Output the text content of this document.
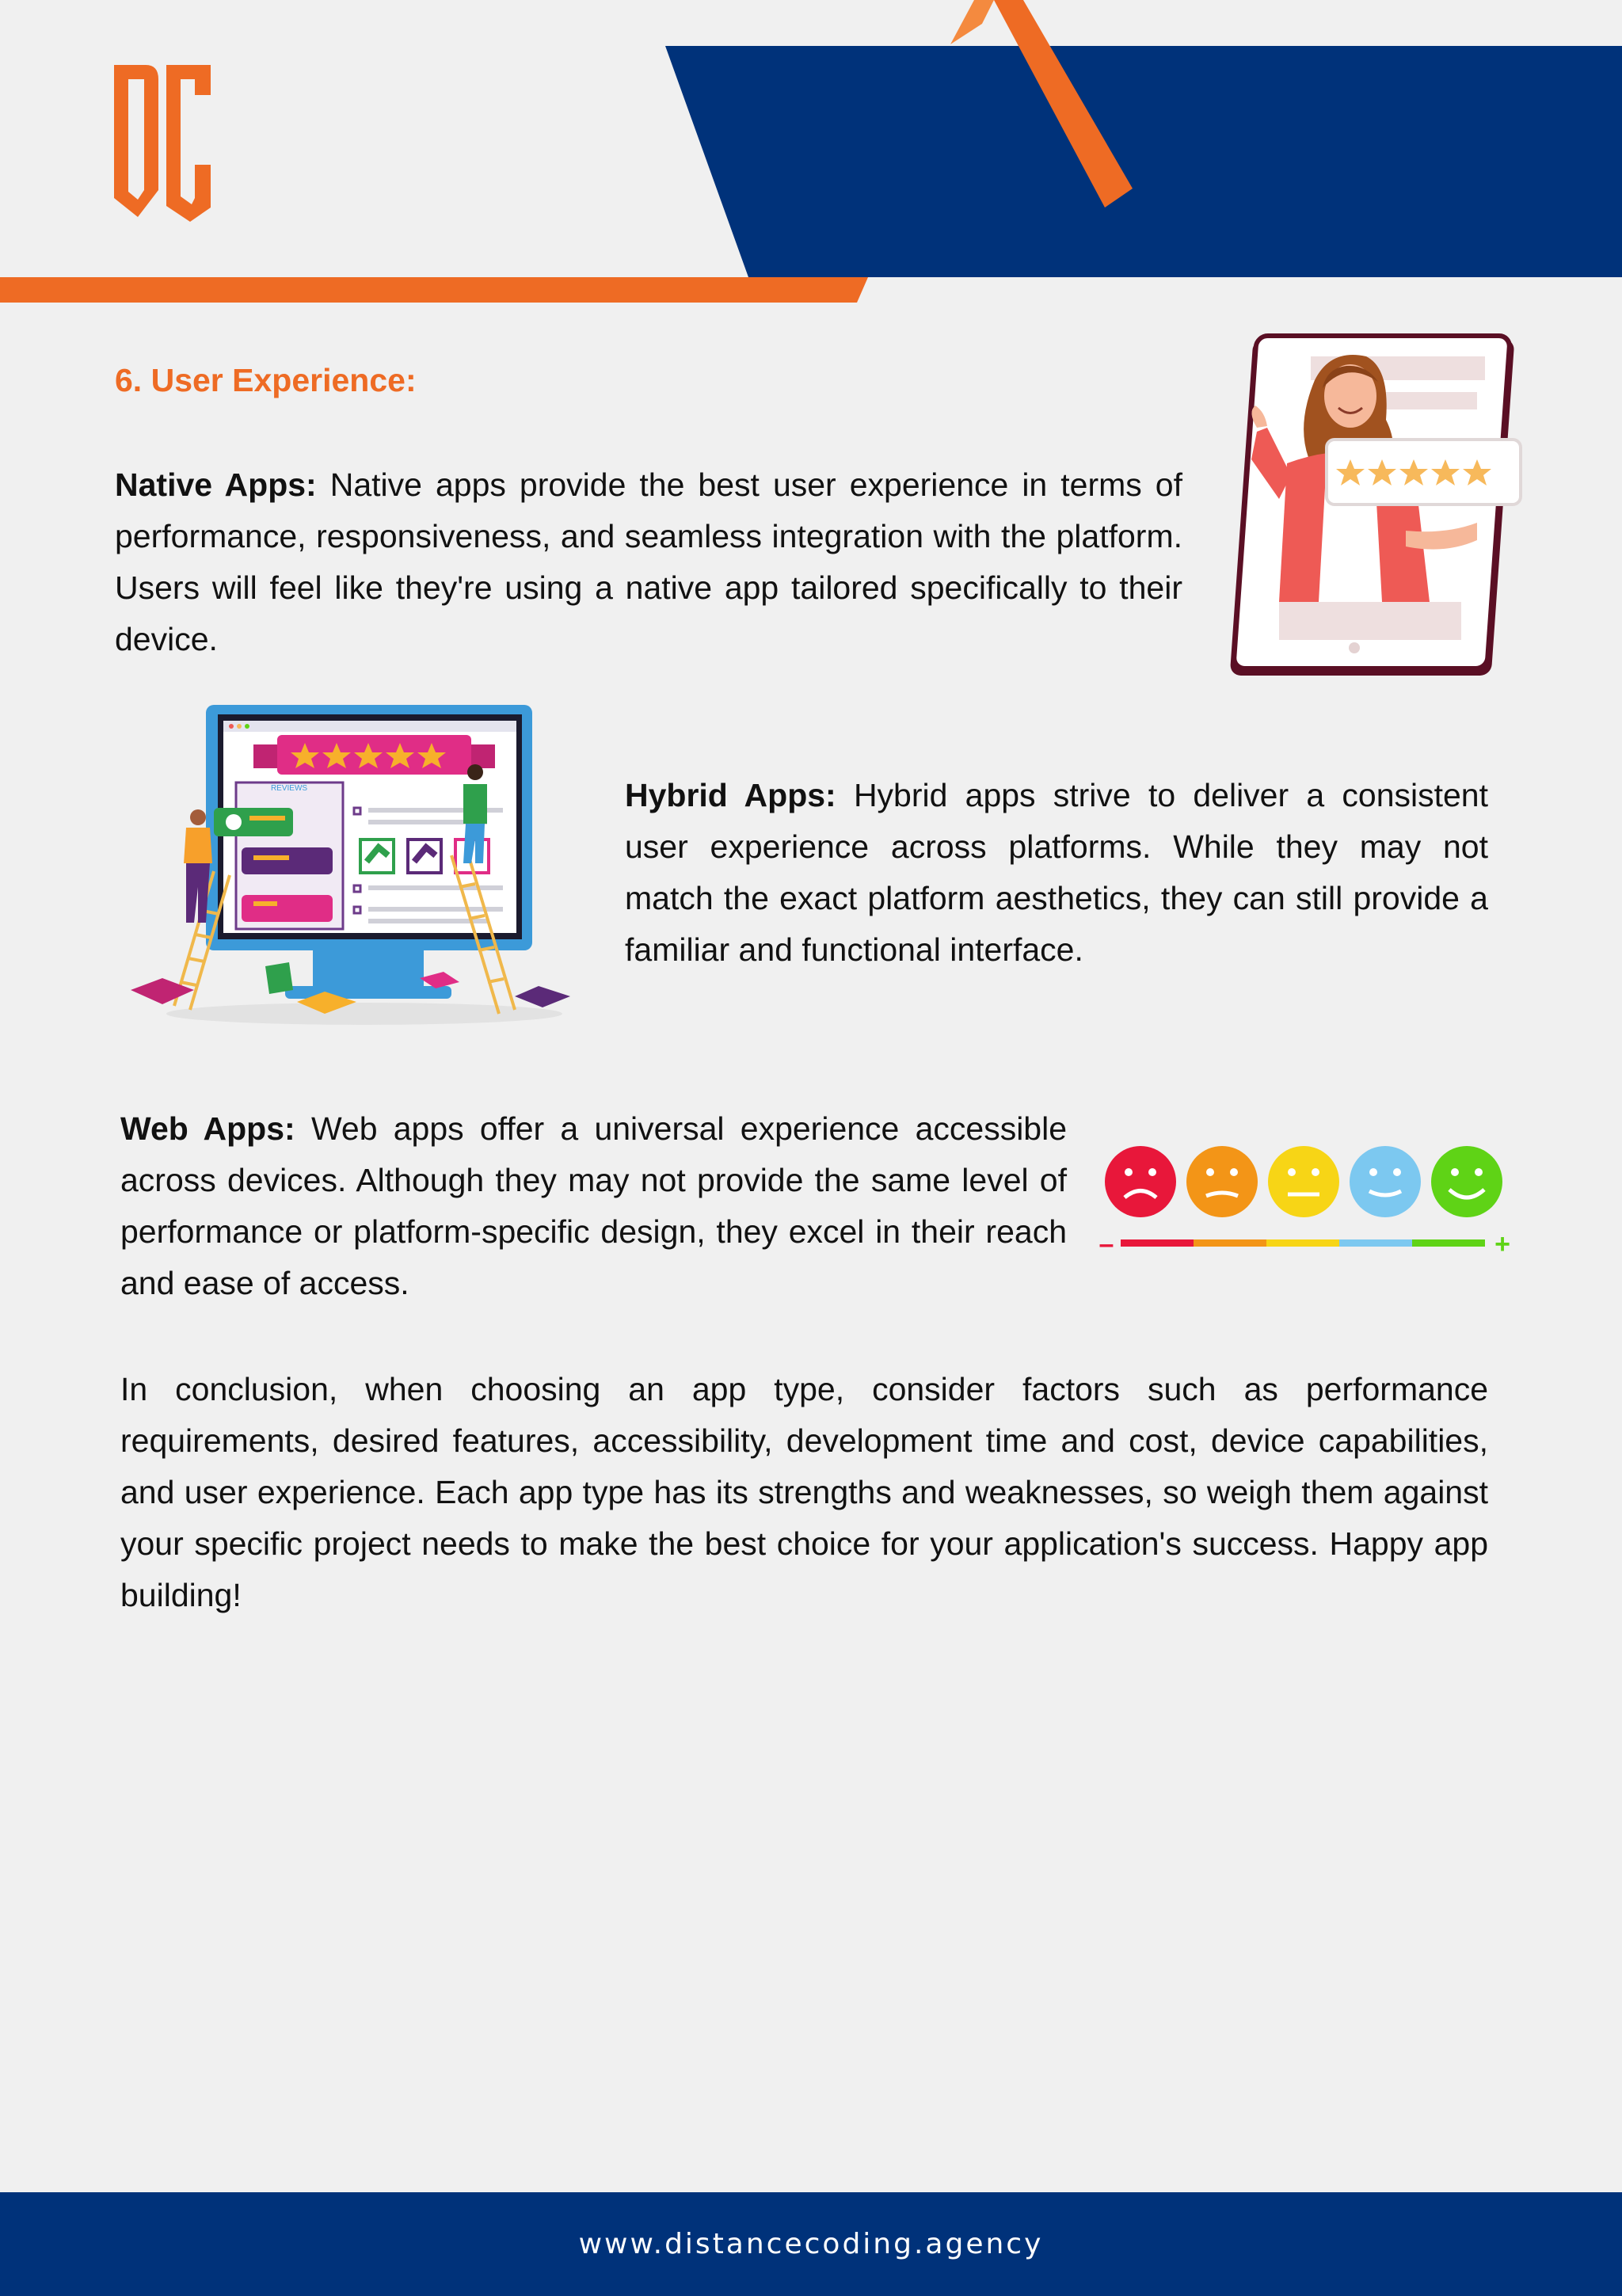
6. User Experience:

Native Apps: Native apps provide the best user experience in terms of performance, responsiveness, and seamless integration with the platform. Users will feel like they're using a native app tailored specifically to their device.

REVIEWS	Hybrid Apps: Hybrid apps strive to deliver a consistent user experience across platforms. While they may not match the exact platform aesthetics, they can still provide a familiar and functional interface.

Web Apps: Web apps offer a universal experience accessible across devices. Although they may not provide the same level of performance or platform-specific design, they excel in their reach and ease of access.

–	+

In conclusion, when choosing an app type, consider factors such as performance requirements, desired features, accessibility, development time and cost, device capabilities, and user experience. Each app type has its strengths and weaknesses, so weigh them against your specific project needs to make the best choice for your application's success. Happy app building!

www.distancecoding.agency
